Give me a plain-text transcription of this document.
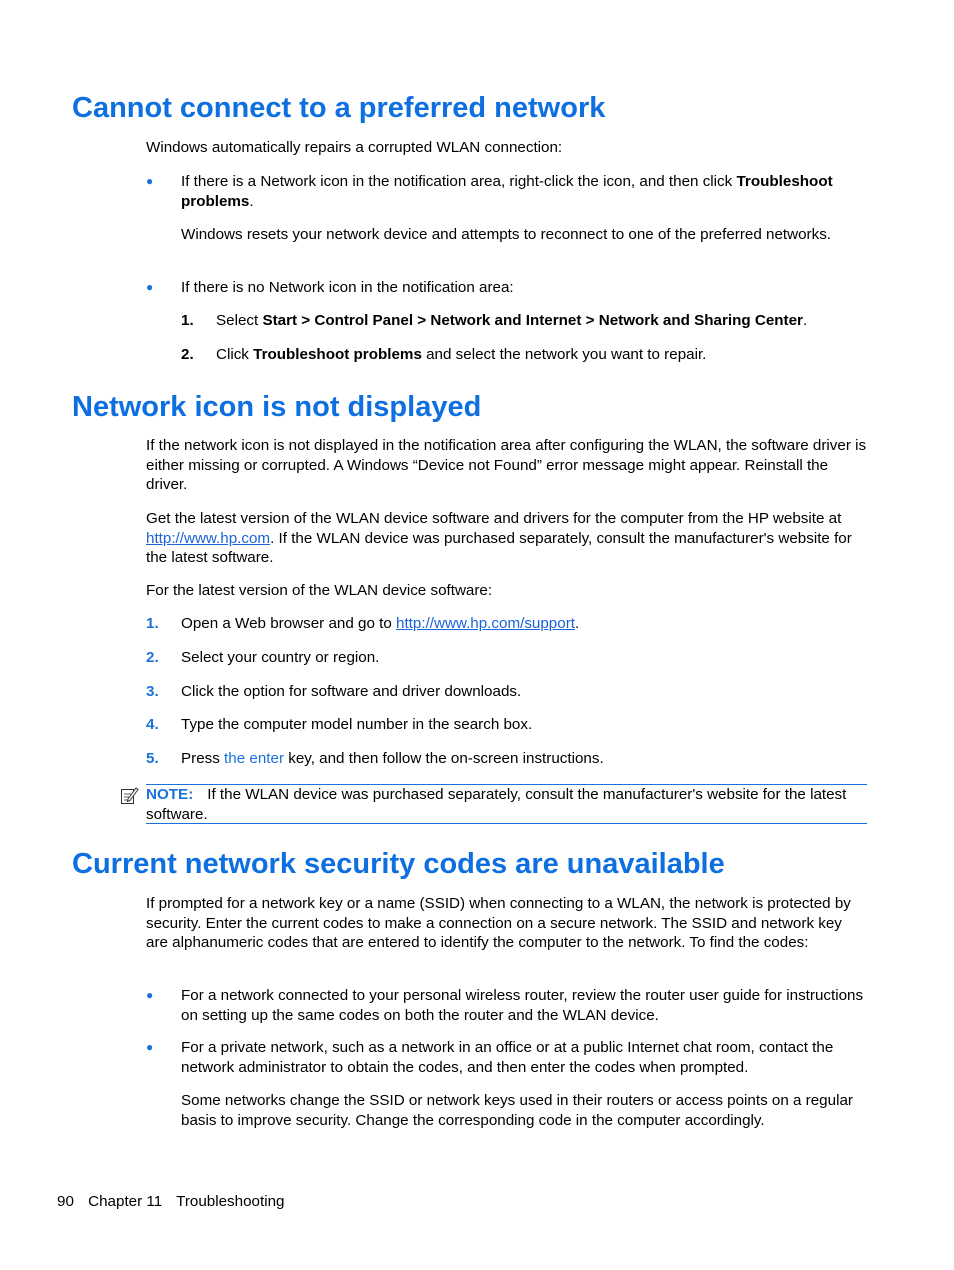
Cannot connect to a preferred network

Windows automatically repairs a corrupted WLAN connection:

● If there is a Network icon in the notification area, right-click the icon, and then click Troubleshoot problems.

Windows resets your network device and attempts to reconnect to one of the preferred networks.

● If there is no Network icon in the notification area:
1. Select Start > Control Panel > Network and Internet > Network and Sharing Center.
2. Click Troubleshoot problems and select the network you want to repair.
Network icon is not displayed

If the network icon is not displayed in the notification area after configuring the WLAN, the software driver is either missing or corrupted. A Windows “Device not Found” error message might appear. Reinstall the driver.

Get the latest version of the WLAN device software and drivers for the computer from the HP website at http://www.hp.com. If the WLAN device was purchased separately, consult the manufacturer's website for the latest software.

For the latest version of the WLAN device software:

1. Open a Web browser and go to http://www.hp.com/support.
2. Select your country or region.
3. Click the option for software and driver downloads.
4. Type the computer model number in the search box.
5. Press the enter key, and then follow the on-screen instructions.
NOTE: If the WLAN device was purchased separately, consult the manufacturer's website for the latest software.
Current network security codes are unavailable

If prompted for a network key or a name (SSID) when connecting to a WLAN, the network is protected by security. Enter the current codes to make a connection on a secure network. The SSID and network key are alphanumeric codes that are entered to identify the computer to the network. To find the codes:

● For a network connected to your personal wireless router, review the router user guide for instructions on setting up the same codes on both the router and the WLAN device.
● For a private network, such as a network in an office or at a public Internet chat room, contact the network administrator to obtain the codes, and then enter the codes when prompted.

Some networks change the SSID or network keys used in their routers or access points on a regular basis to improve security. Change the corresponding code in the computer accordingly.

90 Chapter 11 Troubleshooting
